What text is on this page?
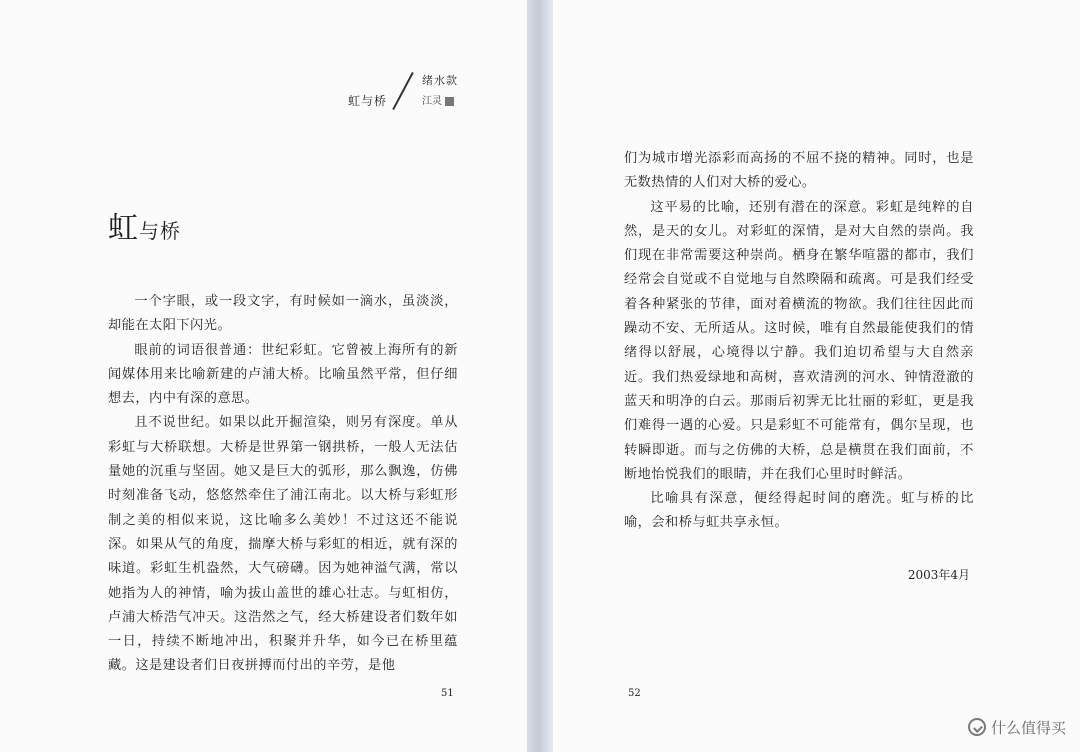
虹与桥
绪水款
江灵
虹与桥

一个字眼，或一段文字，有时候如一滴水，虽淡淡，却能在太阳下闪光。

眼前的词语很普通：世纪彩虹。它曾被上海所有的新闻媒体用来比喻新建的卢浦大桥。比喻虽然平常，但仔细想去，内中有深的意思。

且不说世纪。如果以此开掘渲染，则另有深度。单从彩虹与大桥联想。大桥是世界第一钢拱桥，一般人无法估量她的沉重与坚固。她又是巨大的弧形，那么飘逸，仿佛时刻准备飞动，悠悠然牵住了浦江南北。以大桥与彩虹形制之美的相似来说，这比喻多么美妙！不过这还不能说深。如果从气的角度，揣摩大桥与彩虹的相近，就有深的味道。彩虹生机盎然，大气磅礴。因为她神溢气满，常以她指为人的神情，喻为拔山盖世的雄心壮志。与虹相仿，卢浦大桥浩气冲天。这浩然之气，经大桥建设者们数年如一日，持续不断地冲出，积聚并升华，如今已在桥里蕴藏。这是建设者们日夜拼搏而付出的辛劳，是他

51

们为城市增光添彩而高扬的不屈不挠的精神。同时，也是无数热情的人们对大桥的爱心。

这平易的比喻，还别有潜在的深意。彩虹是纯粹的自然，是天的女儿。对彩虹的深情，是对大自然的崇尚。我们现在非常需要这种崇尚。栖身在繁华喧嚣的都市，我们经常会自觉或不自觉地与自然暌隔和疏离。可是我们经受着各种紧张的节律，面对着横流的物欲。我们往往因此而躁动不安、无所适从。这时候，唯有自然最能使我们的情绪得以舒展，心境得以宁静。我们迫切希望与大自然亲近。我们热爱绿地和高树，喜欢清洌的河水、钟情澄澈的蓝天和明净的白云。那雨后初霁无比壮丽的彩虹，更是我们难得一遇的心爱。只是彩虹不可能常有，偶尔呈现，也转瞬即逝。而与之仿佛的大桥，总是横贯在我们面前，不断地怡悦我们的眼睛，并在我们心里时时鲜活。

比喻具有深意，便经得起时间的磨洗。虹与桥的比喻，会和桥与虹共享永恒。

2003年4月
52
什么值得买
